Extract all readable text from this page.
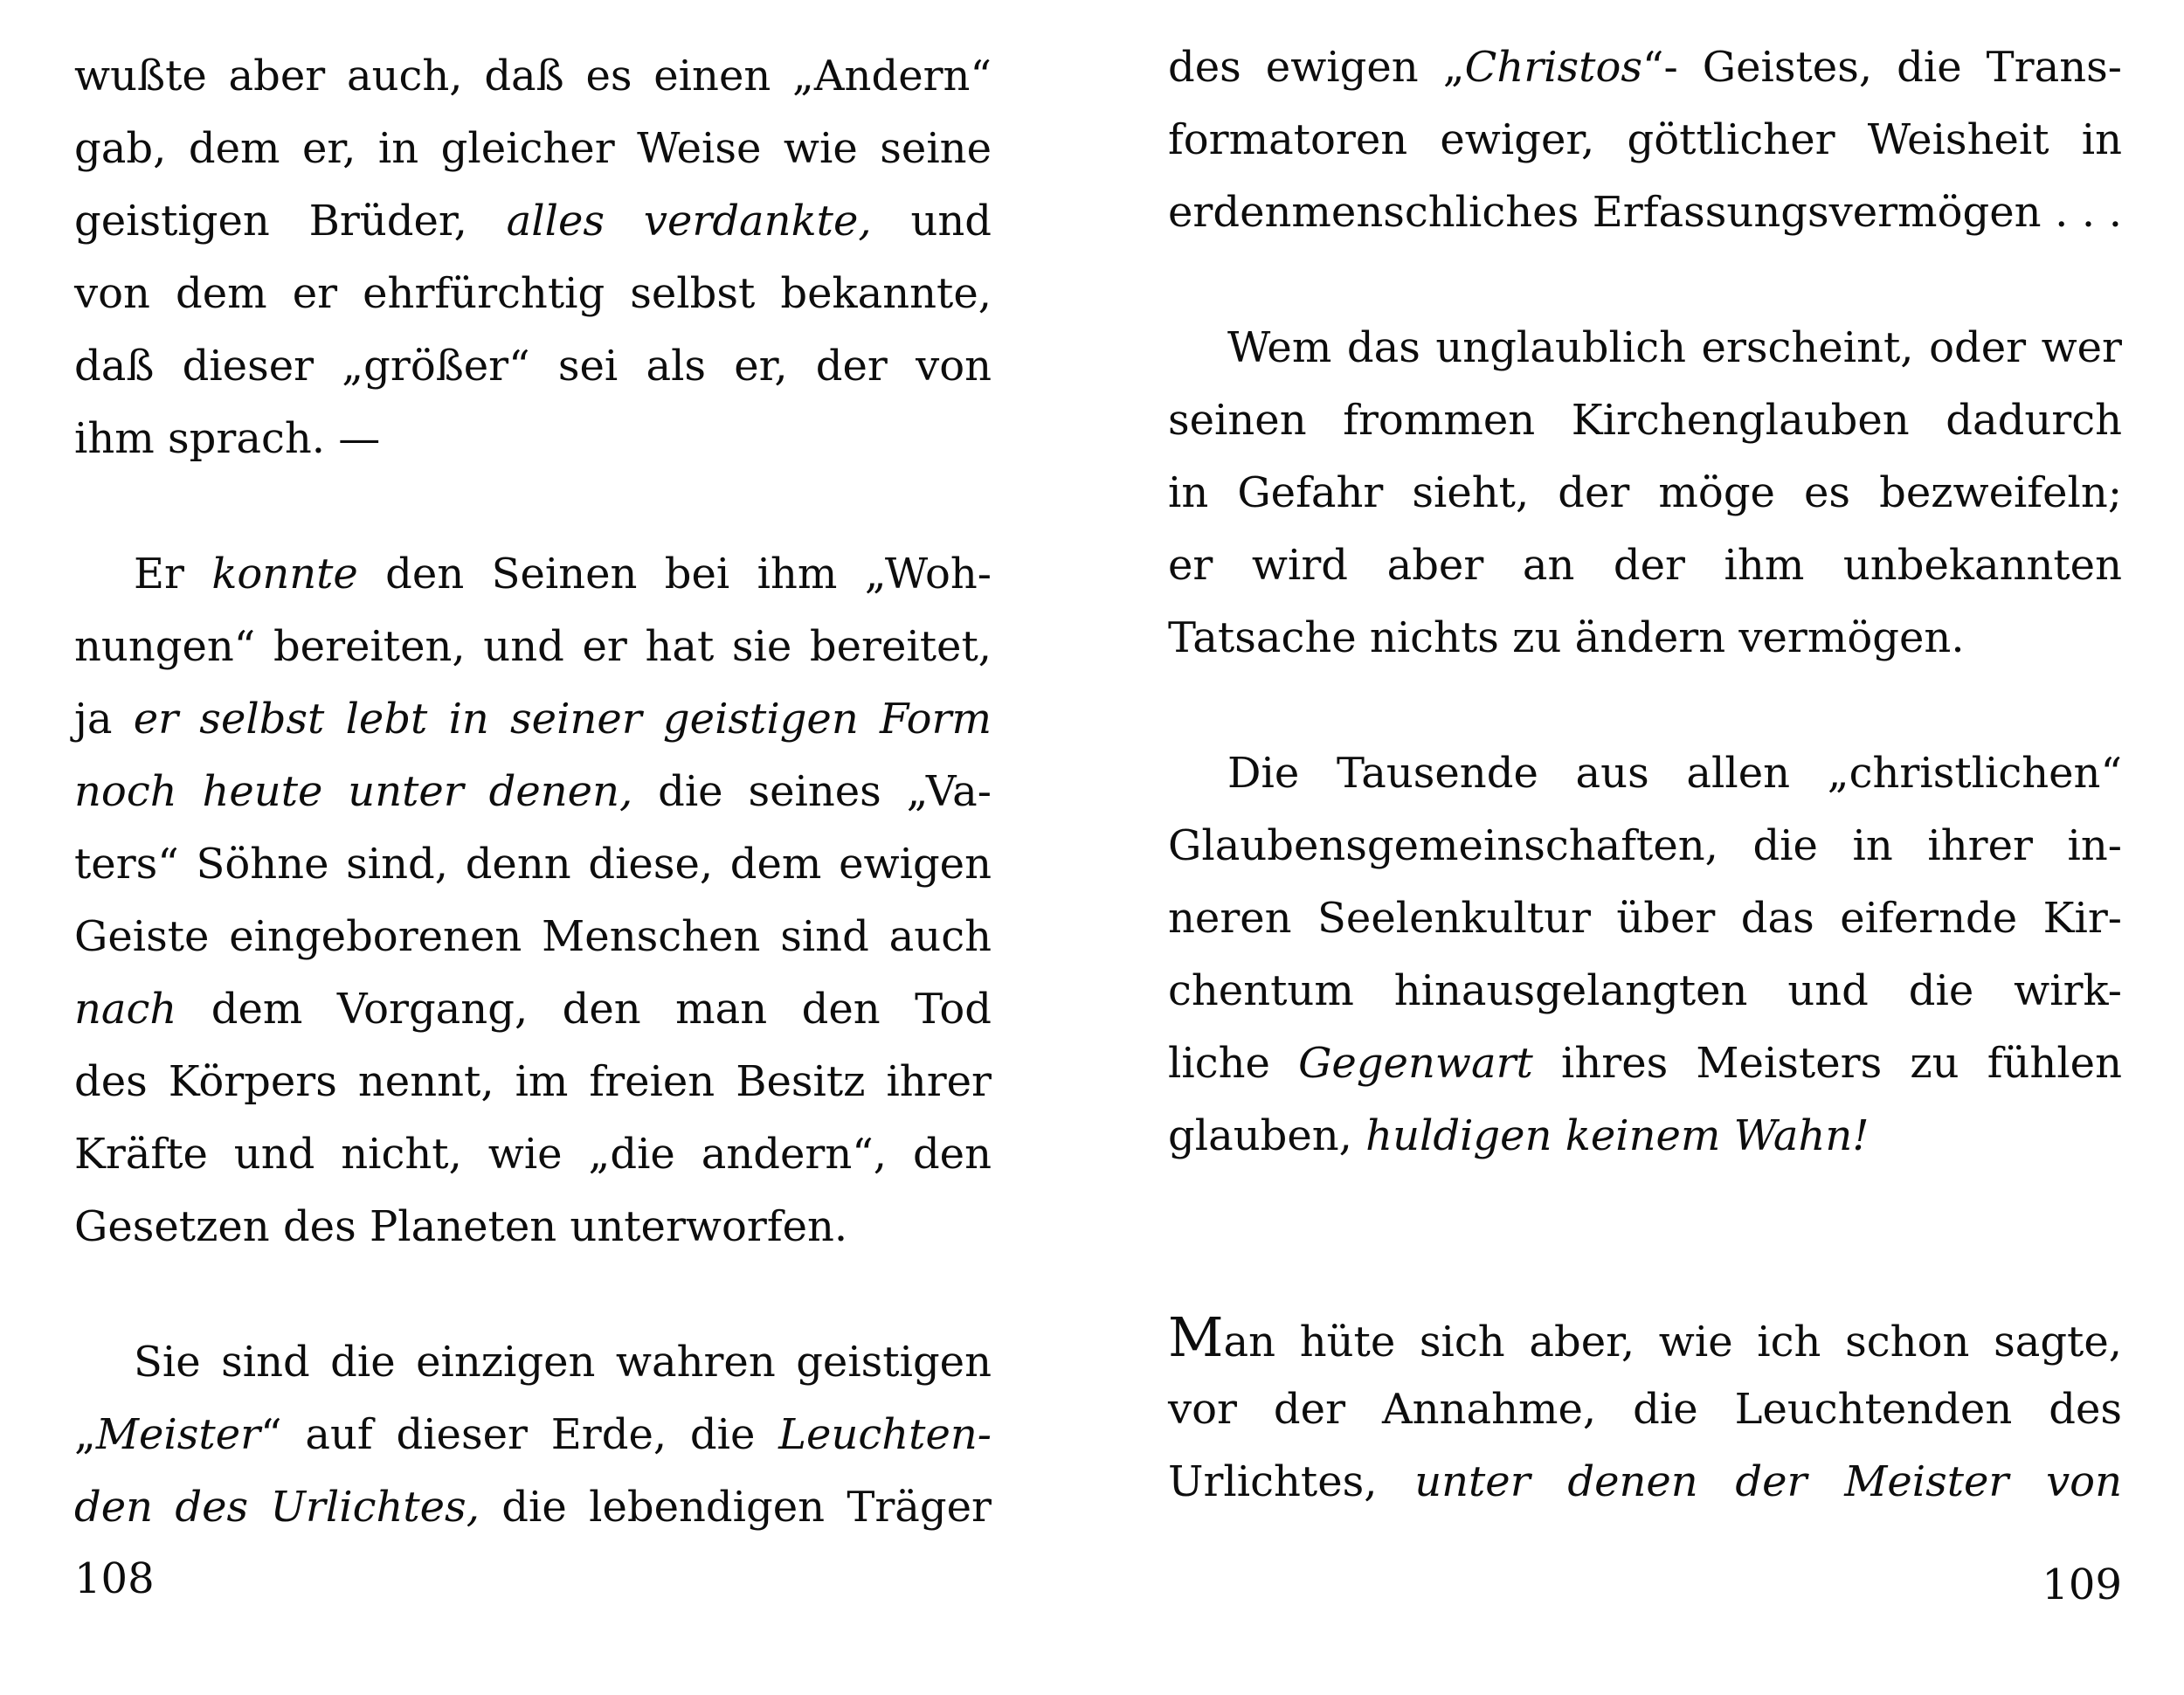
wußte aber auch, daß es einen „Andern“
gab, dem er, in gleicher Weise wie seine
geistigen Brüder, alles verdankte, und
von dem er ehrfürchtig selbst bekannte,
daß dieser „größer“ sei als er, der von
ihm sprach. —
Er konnte den Seinen bei ihm „Woh-
nungen“ bereiten, und er hat sie bereitet,
ja er selbst lebt in seiner geistigen Form
noch heute unter denen, die seines „Va-
ters“ Söhne sind, denn diese, dem ewigen
Geiste eingeborenen Menschen sind auch
nach dem Vorgang, den man den Tod
des Körpers nennt, im freien Besitz ihrer
Kräfte und nicht, wie „die andern“, den
Gesetzen des Planeten unterworfen.
Sie sind die einzigen wahren geistigen
„Meister“ auf dieser Erde, die Leuchten-
den des Urlichtes, die lebendigen Träger
des ewigen „Christos“- Geistes, die Trans-
formatoren ewiger, göttlicher Weisheit in
erdenmenschliches Erfassungsvermögen . . .
Wem das unglaublich erscheint, oder wer
seinen frommen Kirchenglauben dadurch
in Gefahr sieht, der möge es bezweifeln;
er wird aber an der ihm unbekannten
Tatsache nichts zu ändern vermögen.
Die Tausende aus allen „christlichen“
Glaubensgemeinschaften, die in ihrer in-
neren Seelenkultur über das eifernde Kir-
chentum hinausgelangten und die wirk-
liche Gegenwart ihres Meisters zu fühlen
glauben, huldigen keinem Wahn!
Man hüte sich aber, wie ich schon sagte,
vor der Annahme, die Leuchtenden des
Urlichtes, unter denen der Meister von
108	109
